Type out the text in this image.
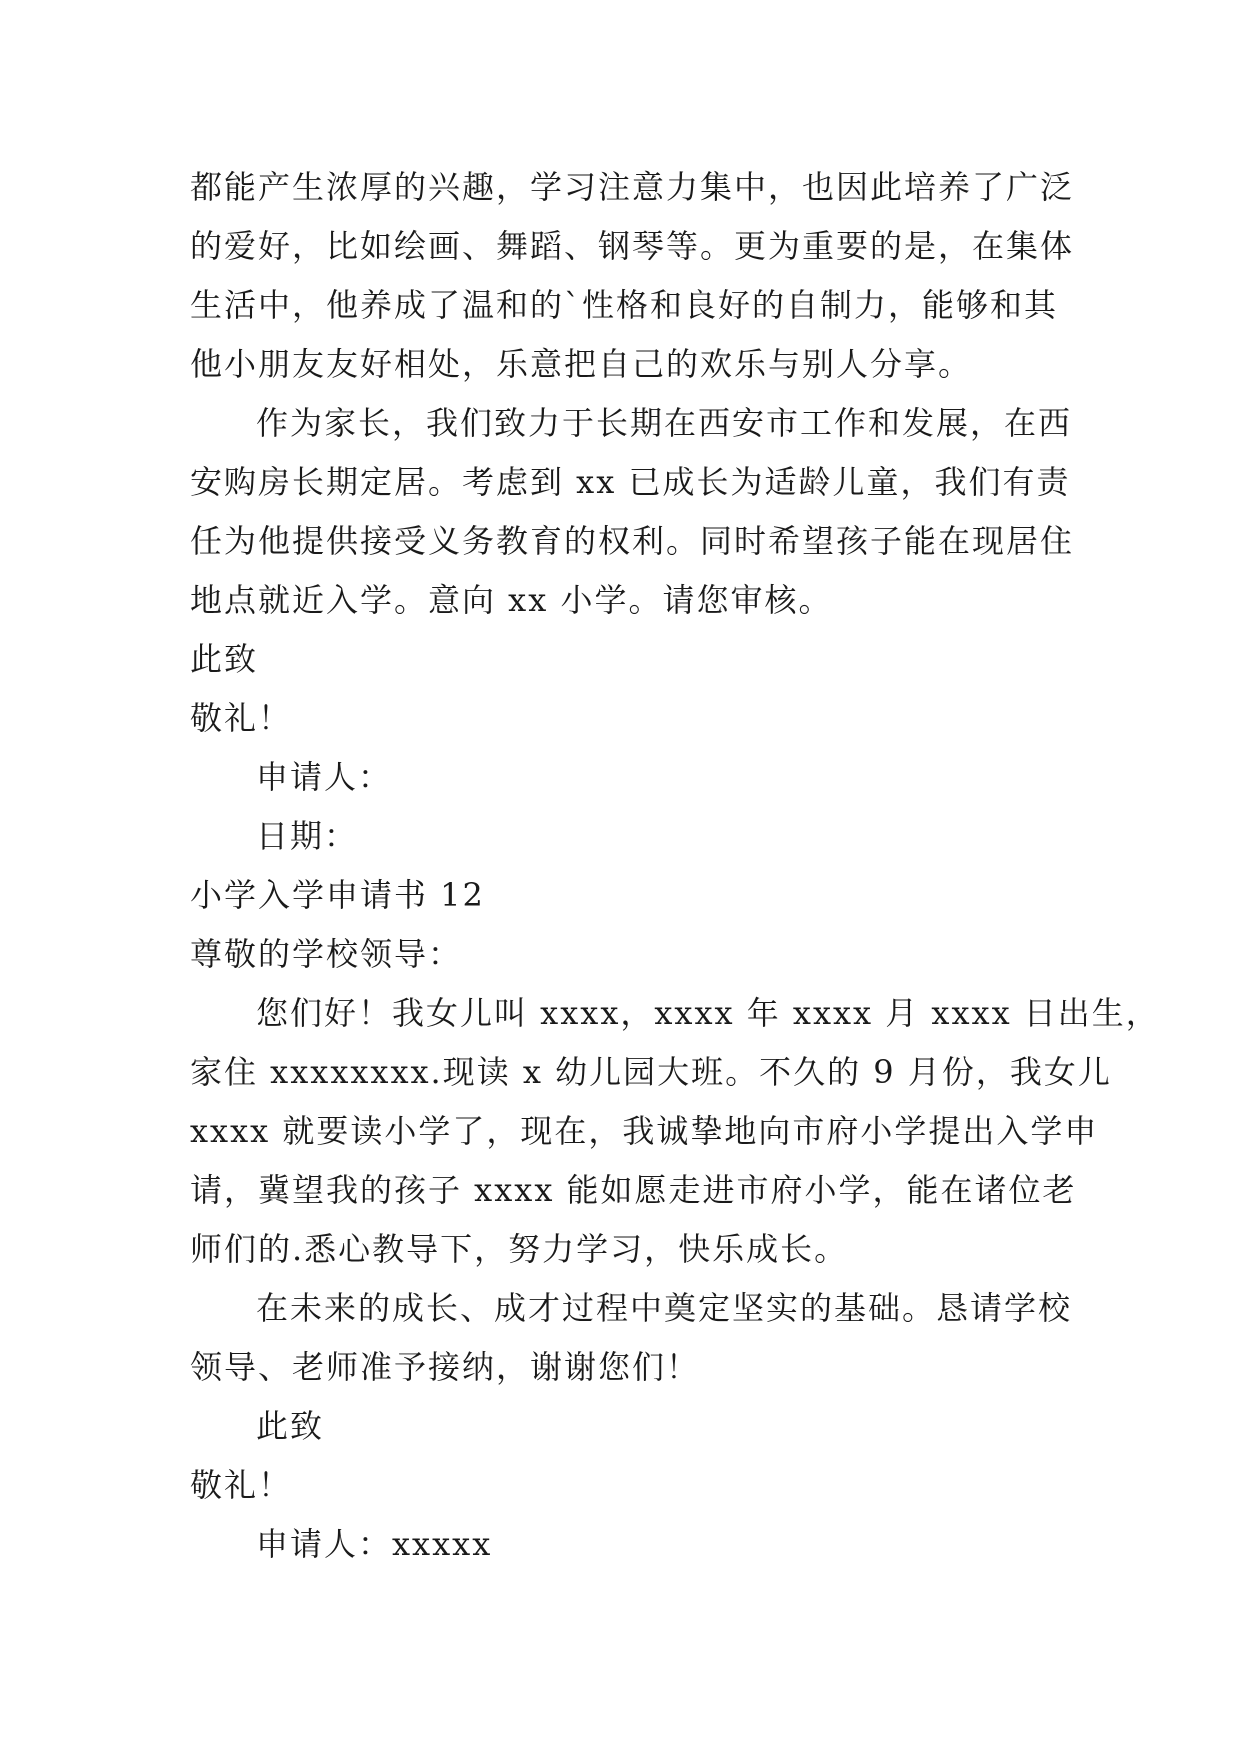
都能产生浓厚的兴趣，学习注意力集中，也因此培养了广泛
的爱好，比如绘画、舞蹈、钢琴等。更为重要的是，在集体
生活中，他养成了温和的`性格和良好的自制力，能够和其
他小朋友友好相处，乐意把自己的欢乐与别人分享。
作为家长，我们致力于长期在西安市工作和发展，在西
安购房长期定居。考虑到 xx 已成长为适龄儿童，我们有责
任为他提供接受义务教育的权利。同时希望孩子能在现居住
地点就近入学。意向 xx 小学。请您审核。
此致
敬礼！
申请人：
日期：
小学入学申请书 12
尊敬的学校领导：
您们好！我女儿叫 xxxx，xxxx 年 xxxx 月 xxxx 日出生，
家住 xxxxxxxx.现读 x 幼儿园大班。不久的 9 月份，我女儿
xxxx 就要读小学了，现在，我诚挚地向市府小学提出入学申
请，冀望我的孩子 xxxx 能如愿走进市府小学，能在诸位老
师们的.悉心教导下，努力学习，快乐成长。
在未来的成长、成才过程中奠定坚实的基础。恳请学校
领导、老师准予接纳，谢谢您们！
此致
敬礼！
申请人：xxxxx
